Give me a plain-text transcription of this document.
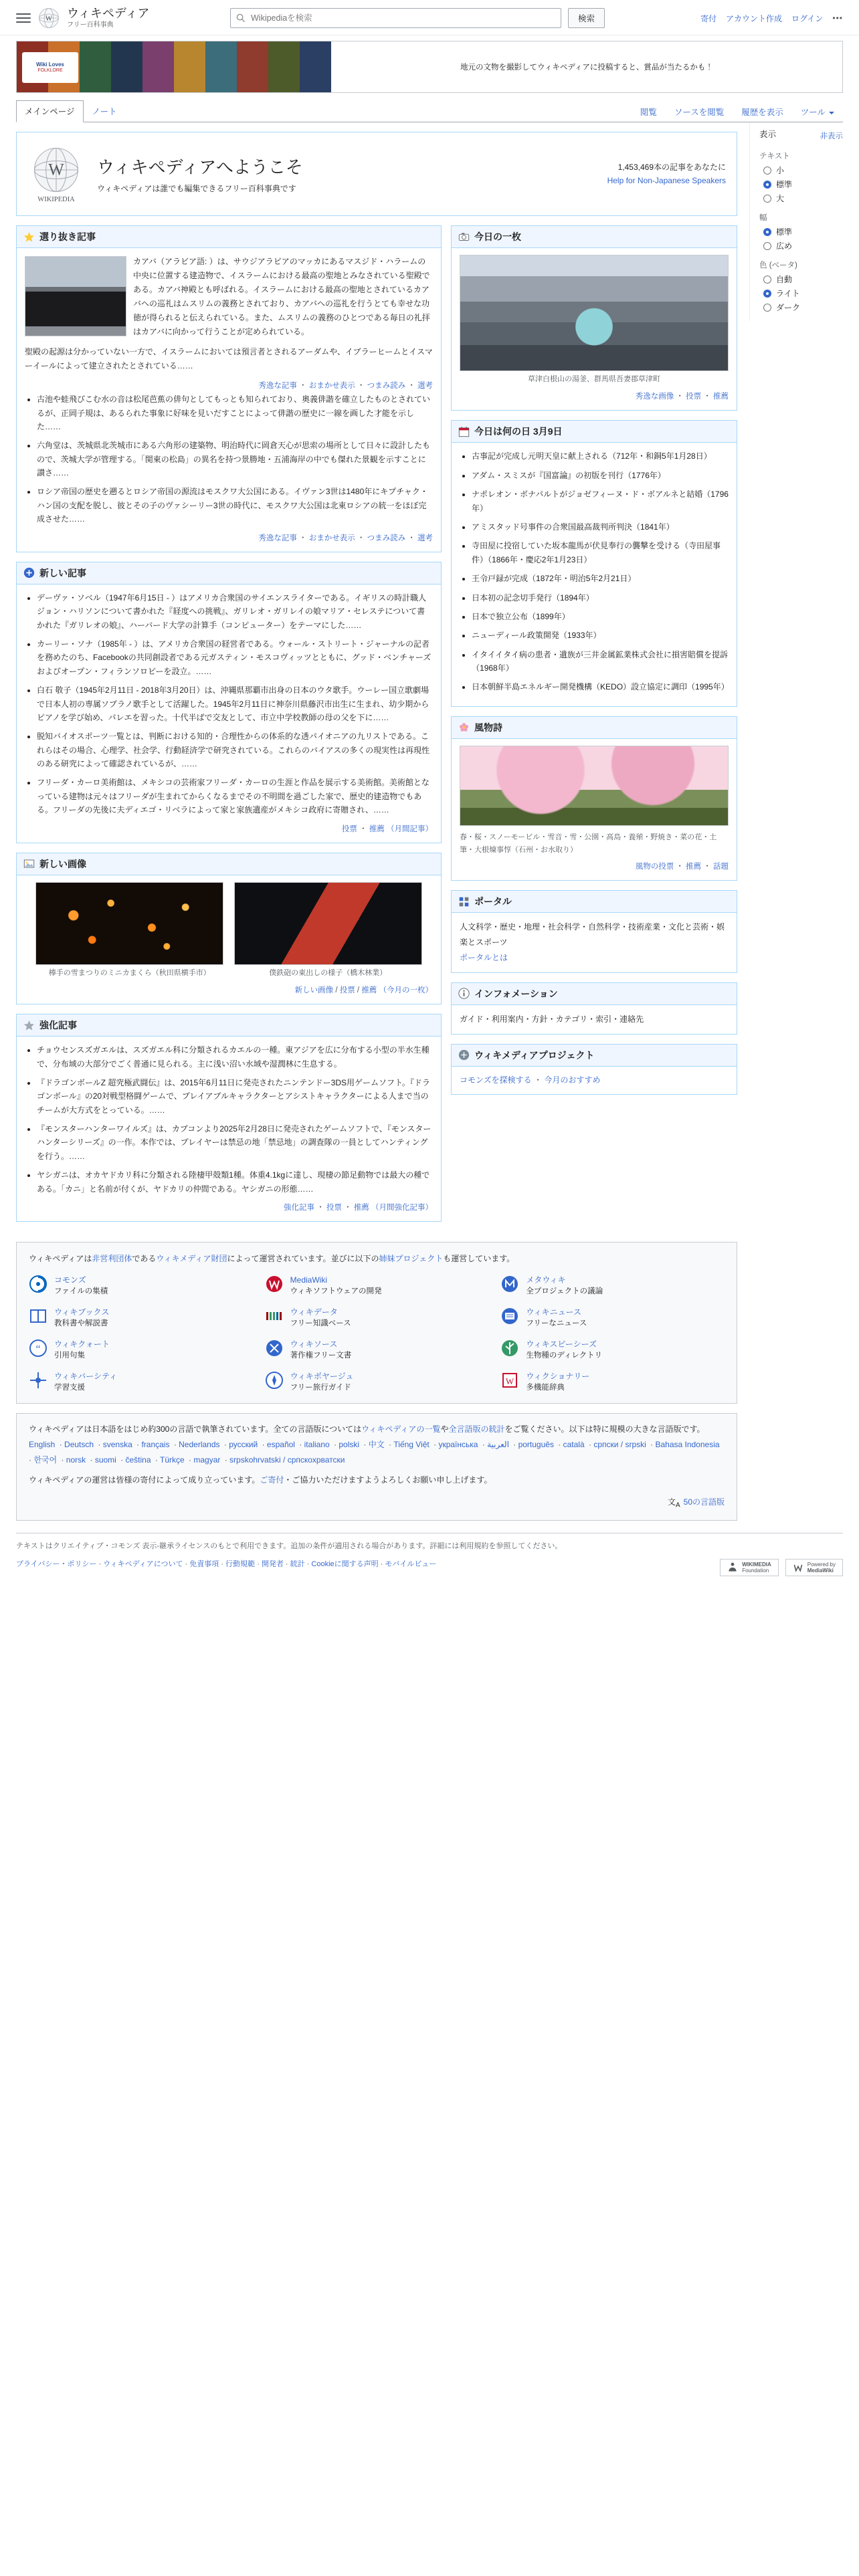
W ウィキペディア
フリー百科事典
Wikipediaを検索
検索	寄付 アカウント作成 ログイン •••
Wiki Loves
FOLKLORE	地元の文物を撮影してウィキペディアに投稿すると、賞品が当たるかも！
メインページ	ノート	閲覧	ソースを閲覧	履歴を表示	ツール
W
WIKIPEDIA
ウィキペディアへようこそ

ウィキペディアは誰でも編集できるフリー百科事典です

1,453,469本の記事をあなたに
Help for Non-Japanese Speakers
選り抜き記事

カアバ（アラビア語: ‎）は、サウジアラビアのマッカにあるマスジド・ハラームの中央に位置する建造物で、イスラームにおける最高の聖地とみなされている聖殿である。カアバ神殿とも呼ばれる。イスラームにおける最高の聖地とされているカアバへの巡礼はムスリムの義務とされており、カアバへの巡礼を行うとても幸せな功徳が得られると伝えられている。また、ムスリムの義務のひとつである毎日の礼拝はカアバに向かって行うことが定められている。

聖殿の起源は分かっていない一方で、イスラームにおいては預言者とされるアーダムや、イブラーヒームとイスマーイールによって建立されたとされている……

秀逸な記事 ・ おまかせ表示 ・ つまみ読み ・ 選考
• 古池や蛙飛びこむ水の音は松尾芭蕉の俳句としてもっとも知られており、奥義俳諧を確立したものとされているが、正岡子規は、あるられた事象に好味を見いだすことによって俳諧の歴史に一線を画した才能を示した……
• 六角堂は、茨城県北茨城市にある六角形の建築物、明治時代に岡倉天心が思索の場所として日々に設計したもので、茨城大学が管理する。「関東の松島」の異名を持つ景勝地・五浦海岸の中でも傑れた景観を示すことに讃さ……
• ロシア帝国の歴史を遡るとロシア帝国の源流はモスクワ大公国にある。イヴァン3世は1480年にキプチャク・ハン国の支配を脱し、彼とその子のヴァシーリー3世の時代に、モスクワ大公国は北東ロシアの統一をほぼ完成させた……
秀逸な記事 ・ おまかせ表示 ・ つまみ読み ・ 選考
新しい記事
• デーヴァ・ソベル（1947年6月15日 - ）はアメリカ合衆国のサイエンスライターである。イギリスの時計職人ジョン・ハリソンについて書かれた『経度への挑戦』、ガリレオ・ガリレイの娘マリア・セレステについて書かれた『ガリレオの娘』、ハーバード大学の計算手（コンピューター）をテーマにした……
• カーリー・ソナ（1985年 - ）は、アメリカ合衆国の経営者である。ウォール・ストリート・ジャーナルの記者を務めたのち、Facebookの共同創設者である元ガスティン・モスコヴィッツとともに、グッド・ベンチャーズおよびオープン・フィランソロピーを設立。……
• 白石 敬子（1945年2月11日 - 2018年3月20日）は、沖縄県那覇市出身の日本のウタ歌手。ウーレー国立歌劇場で日本人初の専属ソプラノ歌手として活躍した。1945年2月11日に神奈川県藤沢市出生に生まれ、幼少期からピアノを学び始め、パレエを習った。十代半ばで交友として、市立中学校教師の母の父を下に……
• 脱知バイオスポーツ一覧とは、判断における知的・合理性からの体系的な透パイオニアの九リストである。これらはその場合、心理学、社会学、行動経済学で研究されている。これらのバイアスの多くの現実性は再現性のある研究によって確認されているが、……
• フリーダ・カーロ美術館は、メキシコの芸術家フリーダ・カーロの生涯と作品を展示する美術館。美術館となっている建物は元々はフリーダが生まれてからくなるまでその不明間を過ごした家で、歴史的建造物でもある。フリーダの先後に夫ディエゴ・リベラによって家と家族遺産がメキシコ政府に寄贈され、……
投票 ・ 推薦 （月間記事）
新しい画像
棒手の雪まつりのミニカまくら（秋田県横手市）	僕鉄砲の東出しの様子（橋木林業）
新しい画像 / 投票 / 推薦 （今月の一枚）
強化記事
• チョウセンスズガエルは、スズガエル科に分類されるカエルの一種。東アジアを広に分布する小型の半水生種で、分布域の大部分でごく普通に見られる。主に浅い沼い水域や湿潤林に生息する。
• 『ドラゴンボールZ 超究極武闘伝』は、2015年6月11日に発売されたニンテンドー3DS用ゲームソフト。『ドラゴンボール』の20対戦型格闘ゲームで、プレイアブルキャラクターとアシストキャラクターによる人まで当のチームが大方式をとっている。……
• 『モンスターハンターワイルズ』は、カプコンより2025年2月28日に発売されたゲームソフトで、『モンスターハンターシリーズ』の一作。本作では、プレイヤーは禁忌の地「禁忌地」の調査隊の一員としてハンティングを行う。……
• ヤシガニは、オカヤドカリ科に分類される陸棲甲殻類1種。体重4.1kgに達し、現棲の節足動物では最大の種である。「カニ」と名前が付くが、ヤドカリの仲間である。ヤシガニの形態……
強化記事 ・ 投票 ・ 推薦 （月間強化記事）
今日の一枚
草津白根山の湯釜、群馬県吾妻郡草津町
秀逸な画像 ・ 投票 ・ 推薦
今日は何の日 3月9日
• 古事記が完成し元明天皇に献上される（712年・和銅5年1月28日）
• アダム・スミスが『国富論』の初版を刊行（1776年）
• ナポレオン・ボナパルトがジョゼフィーヌ・ド・ボアルネと結婚（1796年）
• アミスタッド号事件の合衆国最高裁判所判決（1841年）
• 寺田屋に投宿していた坂本龍馬が伏見奉行の襲撃を受ける（寺田屋事件）（1866年・慶応2年1月23日）
• 王令戸録が完成（1872年・明治5年2月21日）
• 日本初の記念切手発行（1894年）
• 日本で独立公布（1899年）
• ニューディール政策開発（1933年）
• イタイイタイ病の患者・遺族が三井金属鉱業株式会社に損害賠償を提訴（1968年）
• 日本朝鮮半島エネルギー開発機構（KEDO）設立協定に調印（1995年）
風物詩
春・桜・スノーモービル・雪音・雪・公園・高島・養殖・野焼き・菜の花・土筆・大根煉事惇（石州・お水取り）
風物の投票 ・ 推薦 ・ 話題
ポータル
人文科学・歴史・地理・社会科学・自然科学・技術産業・文化と芸術・娯楽とスポーツ
ポータルとは
インフォメーション
ガイド・利用案内・方針・カテゴリ・索引・連絡先
ウィキメディアプロジェクト
コモンズを探検する ・ 今月のおすすめ

ウィキペディアは非営利団体であるウィキメディア財団によって運営されています。並びに以下の姉妹プロジェクトも運営しています。

コモンズ
ファイルの集積
MediaWiki
ウィキソフトウェアの開発
メタウィキ
全プロジェクトの議論
ウィキブックス
教科書や解説書
ウィキデータ
フリー知識ベース
ウィキニュース
フリーなニュース
“ ウィキクォート
引用句集
ウィキソース
著作権フリー文書
ウィキスピーシーズ
生物種のディレクトリ
ウィキバーシティ
学習支援
ウィキボヤージュ
フリー旅行ガイド
W ウィクショナリー
多機能辞典
ウィキペディアは日本語をはじめ約300の言語で執筆されています。全ての言語版についてはウィキペディアの一覧や全言語版の統計をご覧ください。以下は特に規模の大きな言語版です。
English · Deutsch · svenska · français · Nederlands · русский · español · italiano · polski · 中文 · Tiếng Việt · українська · العربية · português · català · српски / srpski · Bahasa Indonesia · 한국어 · norsk · suomi · čeština · Türkçe · magyar · srpskohrvatski / српскохрватски
ウィキペディアの運営は皆様の寄付によって成り立っています。ご寄付・ご協力いただけますようよろしくお願い申し上げます。
文$_A$ 50の言語版
表示	非表示
テキスト
小
標準
大
幅
標準
広め
色 (ベータ)
自動
ライト
ダーク
テキストはクリエイティブ・コモンズ 表示-継承ライセンスのもとで利用できます。追加の条件が適用される場合があります。詳細には利用規約を参照してください。
プライバシー・ポリシー · ウィキペディアについて · 免責事項 · 行動規範 · 開発者 · 統計 · Cookieに関する声明 · モバイルビュー	WIKIMEDIA
Foundation
Powered by
MediaWiki
